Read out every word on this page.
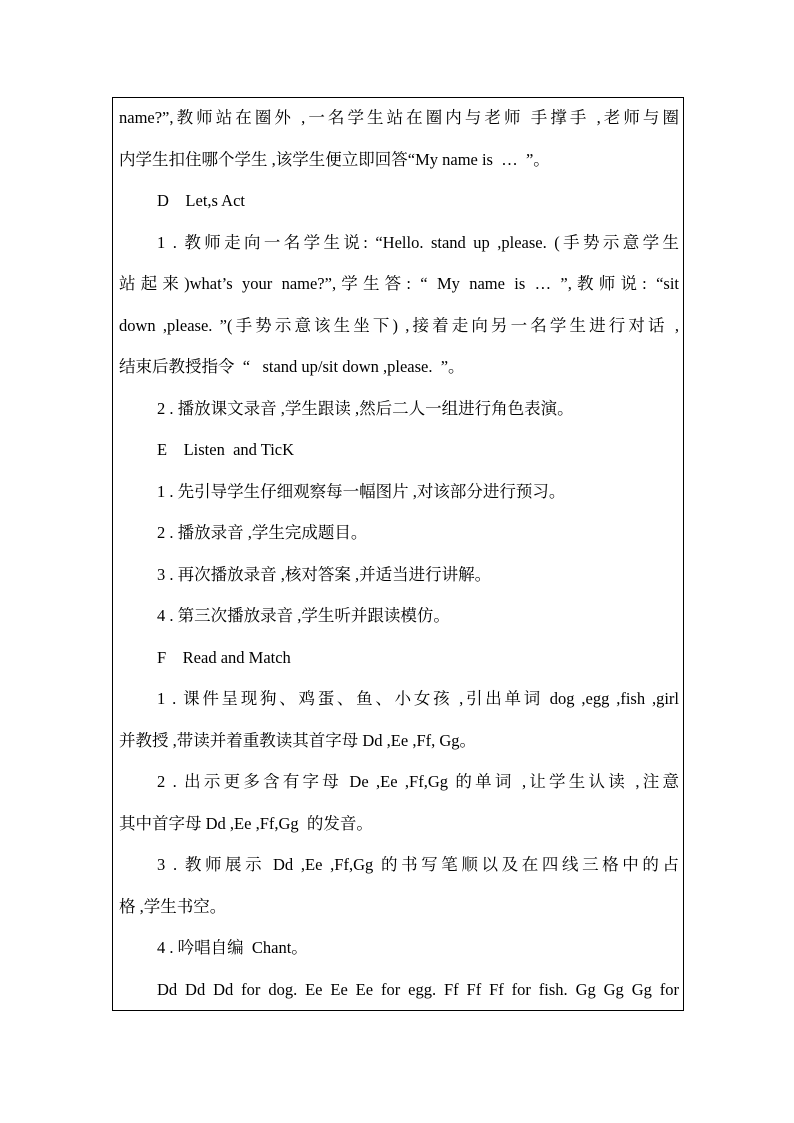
name?”,教师站在圈外 ,一名学生站在圈内与老师 手撑手 ,老师与圈
内学生扣住哪个学生 ,该学生便立即回答“My name is  …  ”。
D    Let,s Act
1 . 教师走向一名学生说: “Hello. stand up ,please. (手势示意学生
站起来)what’s your name?”,学生答: “ My name is … ”,教师说: “sit
down ,please. ”(手势示意该生坐下) ,接着走向另一名学生进行对话 ,
结束后教授指令  “   stand up/sit down ,please.  ”。
2 . 播放课文录音 ,学生跟读 ,然后二人一组进行角色表演。
E    Listen  and TicK
1 . 先引导学生仔细观察每一幅图片 ,对该部分进行预习。
2 . 播放录音 ,学生完成题目。
3 . 再次播放录音 ,核对答案 ,并适当进行讲解。
4 . 第三次播放录音 ,学生听并跟读模仿。
F    Read and Match
1 . 课件呈现狗、鸡蛋、鱼、小女孩 ,引出单词 dog ,egg ,fish ,girl
并教授 ,带读并着重教读其首字母 Dd ,Ee ,Ff, Gg。
2 . 出示更多含有字母 De ,Ee ,Ff,Gg 的单词 ,让学生认读 ,注意
其中首字母 Dd ,Ee ,Ff,Gg  的发音。
3 . 教师展示 Dd ,Ee ,Ff,Gg 的书写笔顺以及在四线三格中的占
格 ,学生书空。
4 . 吟唱自编  Chant。
Dd Dd Dd for dog. Ee Ee Ee for egg. Ff Ff Ff for fish. Gg Gg Gg for
